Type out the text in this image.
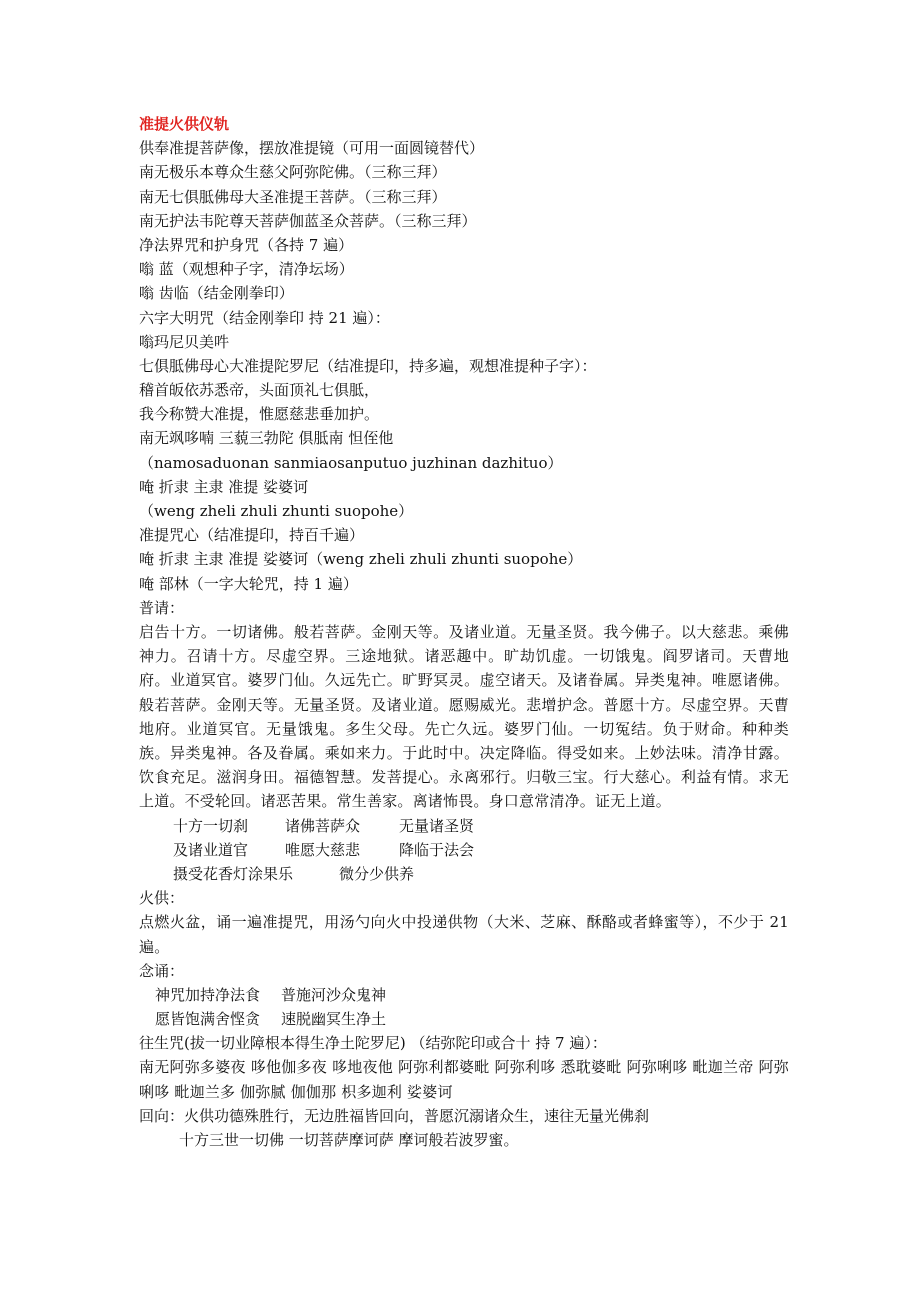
准提火供仪轨
供奉准提菩萨像，摆放准提镜（可用一面圆镜替代）
南无极乐本尊众生慈父阿弥陀佛。（三称三拜）
南无七俱胝佛母大圣准提王菩萨。（三称三拜）
南无护法韦陀尊天菩萨伽蓝圣众菩萨。（三称三拜）
净法界咒和护身咒（各持 7 遍）
嗡 蓝（观想种子字，清净坛场）
嗡 齿临（结金刚拳印）
六字大明咒（结金刚拳印 持 21 遍）：
嗡玛尼贝美吽
七俱胝佛母心大准提陀罗尼（结准提印，持多遍，观想准提种子字）：
稽首皈依苏悉帝，头面顶礼七俱胝，
我今称赞大准提，惟愿慈悲垂加护。
南无飒哆喃 三藐三勃陀 俱胝南 怛侄他
（namosaduonan sanmiaosanputuo juzhinan dazhituo）
唵 折隶 主隶 准提 娑婆诃
（weng zheli zhuli zhunti suopohe）
准提咒心（结准提印，持百千遍）
唵 折隶 主隶 准提 娑婆诃（weng zheli zhuli zhunti suopohe）
唵 部林（一字大轮咒，持 1 遍）
普请：
启告十方。一切诸佛。般若菩萨。金刚天等。及诸业道。无量圣贤。我今佛子。以大慈悲。乘佛神力。召请十方。尽虚空界。三途地狱。诸恶趣中。旷劫饥虚。一切饿鬼。阎罗诸司。天曹地府。业道冥官。婆罗门仙。久远先亡。旷野冥灵。虚空诸天。及诸眷属。异类鬼神。唯愿诸佛。般若菩萨。金刚天等。无量圣贤。及诸业道。愿赐威光。悲增护念。普愿十方。尽虚空界。天曹地府。业道冥官。无量饿鬼。多生父母。先亡久远。婆罗门仙。一切冤结。负于财命。种种类族。异类鬼神。各及眷属。乘如来力。于此时中。决定降临。得受如来。上妙法味。清净甘露。饮食充足。滋润身田。福德智慧。发菩提心。永离邪行。归敬三宝。行大慈心。利益有情。求无上道。不受轮回。诸恶苦果。常生善家。离诸怖畏。身口意常清净。证无上道。
十方一切刹 诸佛菩萨众	无量诸圣贤
及诸业道官 唯愿大慈悲	降临于法会
摄受花香灯涂果乐	微分少供养
火供：
点燃火盆，诵一遍准提咒，用汤勺向火中投递供物（大米、芝麻、酥酪或者蜂蜜等），不少于 21 遍。
念诵：
神咒加持净法食 普施河沙众鬼神
愿皆饱满舍悭贪 速脱幽冥生净土
往生咒(拔一切业障根本得生净土陀罗尼) （结弥陀印或合十 持 7 遍）：
南无阿弥多婆夜 哆他伽多夜 哆地夜他 阿弥利都婆毗 阿弥利哆 悉耽婆毗 阿弥唎哆 毗迦兰帝 阿弥唎哆 毗迦兰多 伽弥腻 伽伽那 枳多迦利 娑婆诃
回向：火供功德殊胜行，无边胜福皆回向，普愿沉溺诸众生，速往无量光佛刹
十方三世一切佛 一切菩萨摩诃萨 摩诃般若波罗蜜。
